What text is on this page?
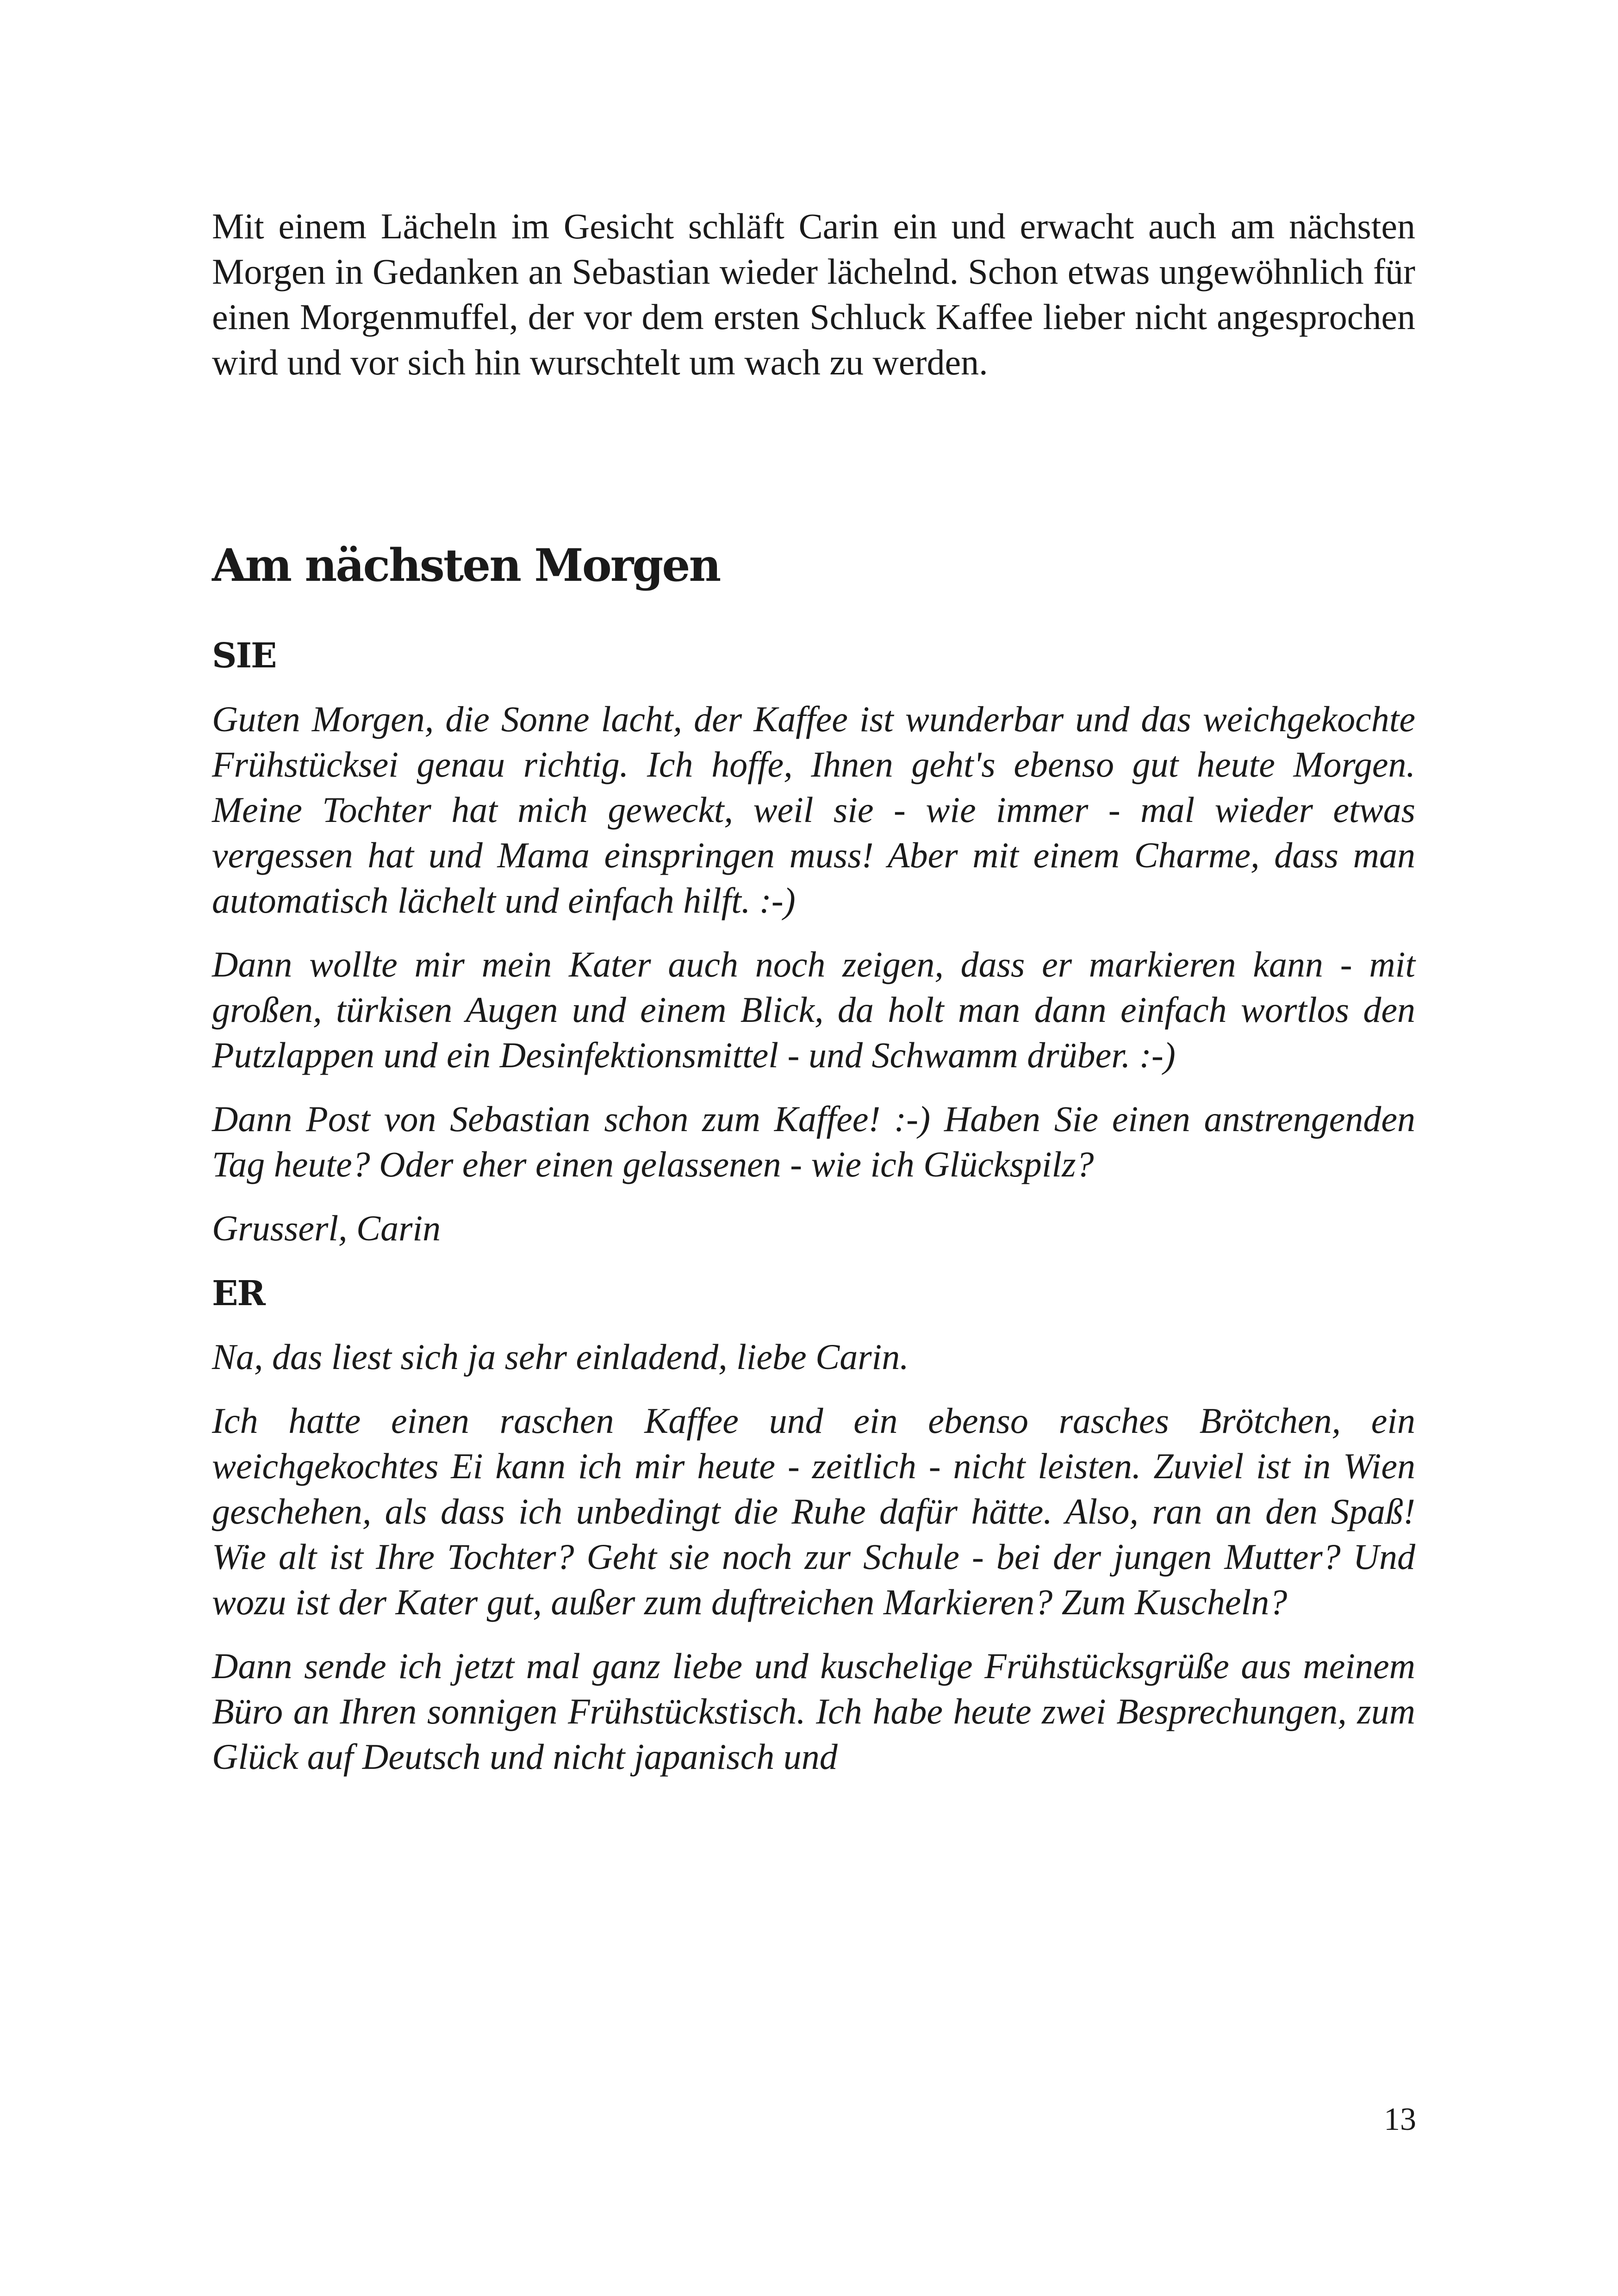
Mit einem Lächeln im Gesicht schläft Carin ein und erwacht auch am nächsten Morgen in Gedanken an Sebastian wieder lächelnd. Schon etwas ungewöhnlich für einen Morgenmuffel, der vor dem ersten Schluck Kaffee lieber nicht angesprochen wird und vor sich hin wurschtelt um wach zu werden.

Am nächsten Morgen

SIE

Guten Morgen, die Sonne lacht, der Kaffee ist wunderbar und das weichgekochte Frühstücksei genau richtig. Ich hoffe, Ihnen geht's ebenso gut heute Morgen. Meine Tochter hat mich geweckt, weil sie - wie immer - mal wieder etwas vergessen hat und Mama einspringen muss! Aber mit einem Charme, dass man automatisch lächelt und einfach hilft. :-)

Dann wollte mir mein Kater auch noch zeigen, dass er markieren kann - mit großen, türkisen Augen und einem Blick, da holt man dann einfach wortlos den Putzlappen und ein Desinfektionsmittel - und Schwamm drüber. :-)

Dann Post von Sebastian schon zum Kaffee! :-) Haben Sie einen anstrengenden Tag heute? Oder eher einen gelassenen - wie ich Glückspilz?

Grusserl, Carin

ER

Na, das liest sich ja sehr einladend, liebe Carin.

Ich hatte einen raschen Kaffee und ein ebenso rasches Brötchen, ein weichgekochtes Ei kann ich mir heute - zeitlich - nicht leisten. Zuviel ist in Wien geschehen, als dass ich unbedingt die Ruhe dafür hätte. Also, ran an den Spaß! Wie alt ist Ihre Tochter? Geht sie noch zur Schule - bei der jungen Mutter? Und wozu ist der Kater gut, außer zum duftreichen Markieren? Zum Kuscheln?

Dann sende ich jetzt mal ganz liebe und kuschelige Frühstücksgrüße aus meinem Büro an Ihren sonnigen Frühstückstisch. Ich habe heute zwei Besprechungen, zum Glück auf Deutsch und nicht japanisch und

13
